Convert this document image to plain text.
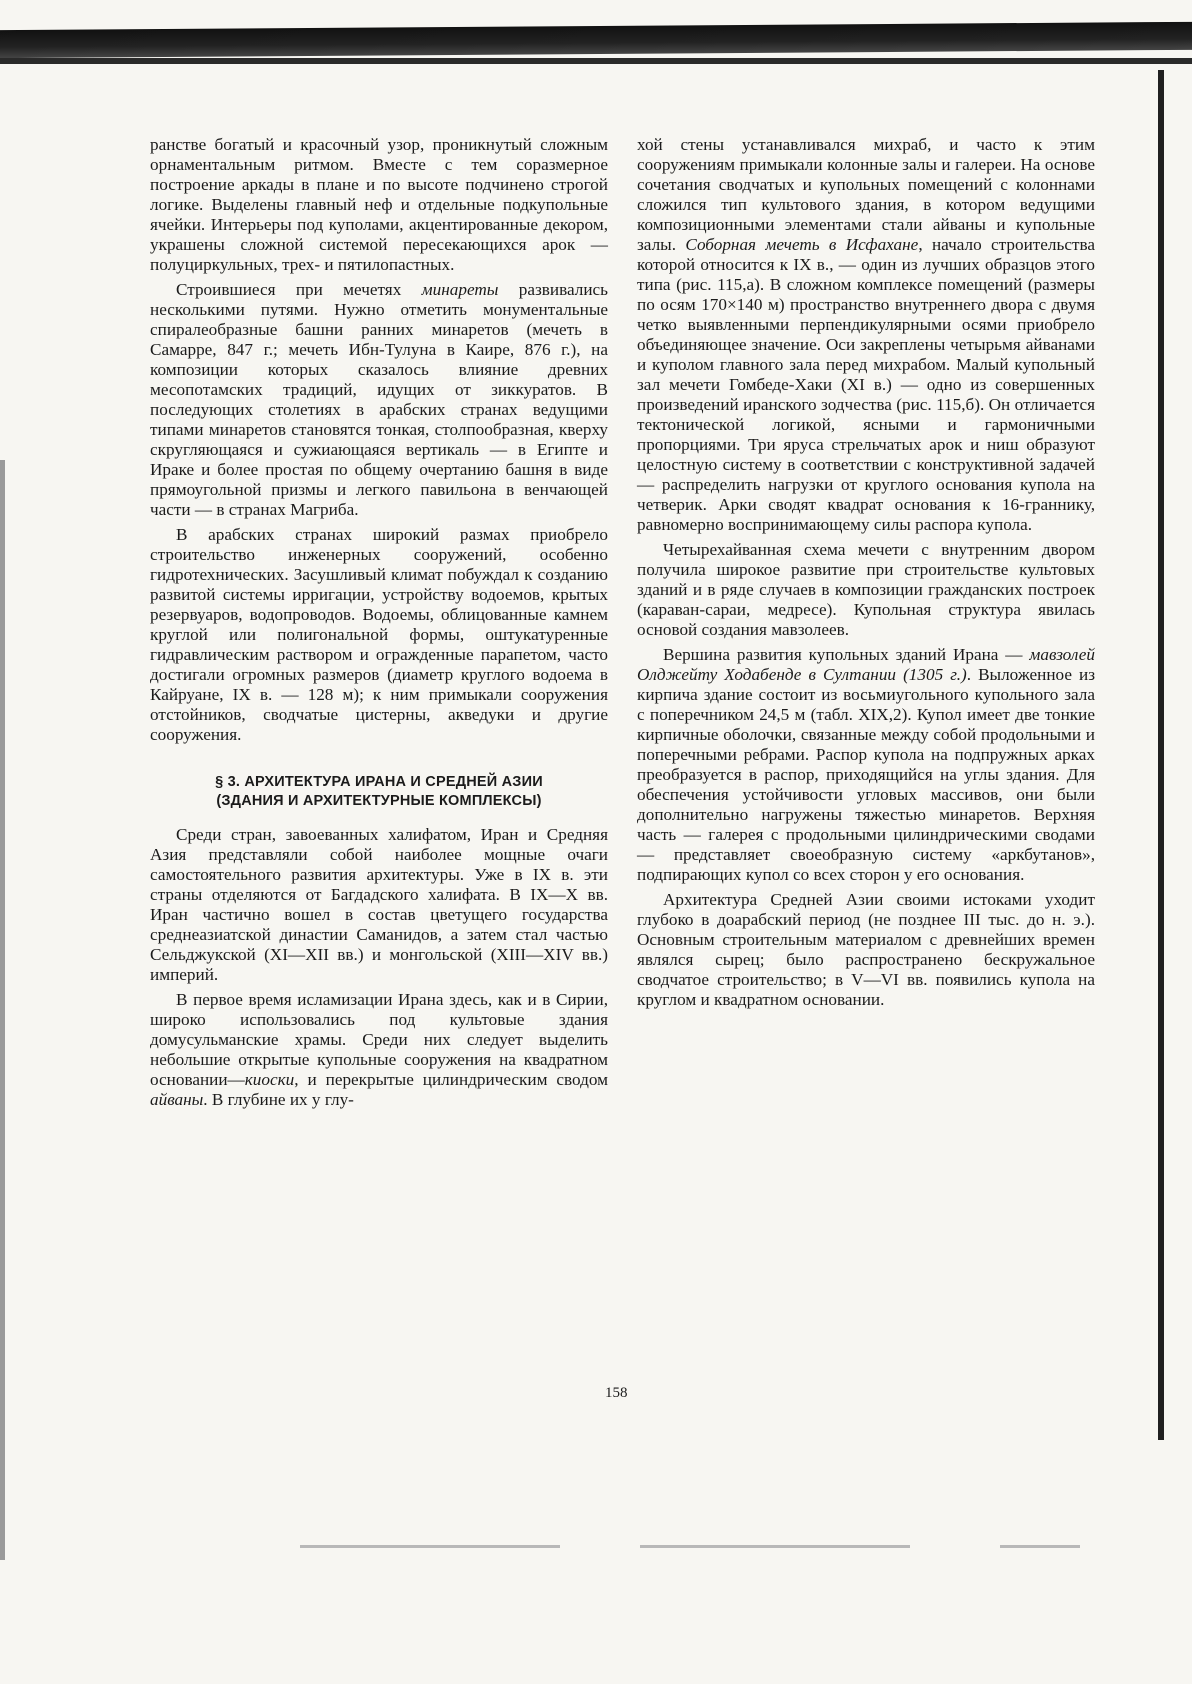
ранстве богатый и красочный узор, проникнутый сложным орнаментальным ритмом. Вместе с тем соразмерное построение аркады в плане и по высоте подчинено строгой логике. Выделены главный неф и отдельные подкупольные ячейки. Интерьеры под куполами, акцентированные декором, украшены сложной системой пересекающихся арок — полуциркульных, трех- и пятилопастных.

Строившиеся при мечетях минареты развивались несколькими путями. Нужно отметить монументальные спиралеобразные башни ранних минаретов (мечеть в Самарре, 847 г.; мечеть Ибн-Тулуна в Каире, 876 г.), на композиции которых сказалось влияние древних месопотамских традиций, идущих от зиккуратов. В последующих столетиях в арабских странах ведущими типами минаретов становятся тонкая, столпообразная, кверху скругляющаяся и сужиающаяся вертикаль — в Египте и Ираке и более простая по общему очертанию башня в виде прямоугольной призмы и легкого павильона в венчающей части — в странах Магриба.

В арабских странах широкий размах приобрело строительство инженерных сооружений, особенно гидротехнических. Засушливый климат побуждал к созданию развитой системы ирригации, устройству водоемов, крытых резервуаров, водопроводов. Водоемы, облицованные камнем круглой или полигональной формы, оштукатуренные гидравлическим раствором и огражденные парапетом, часто достигали огромных размеров (диаметр круглого водоема в Кайруане, IX в. — 128 м); к ним примыкали сооружения отстойников, сводчатые цистерны, акведуки и другие сооружения.

§ 3. АРХИТЕКТУРА ИРАНА И СРЕДНЕЙ АЗИИ
(ЗДАНИЯ И АРХИТЕКТУРНЫЕ КОМПЛЕКСЫ)

Среди стран, завоеванных халифатом, Иран и Средняя Азия представляли собой наиболее мощные очаги самостоятельного развития архитектуры. Уже в IX в. эти страны отделяются от Багдадского халифата. В IX—X вв. Иран частично вошел в состав цветущего государства среднеазиатской династии Саманидов, а затем стал частью Сельджукской (XI—XII вв.) и монгольской (XIII—XIV вв.) империй.

В первое время исламизации Ирана здесь, как и в Сирии, широко использовались под культовые здания домусульманские храмы. Среди них следует выделить небольшие открытые купольные сооружения на квадратном основании—киоски, и перекрытые цилиндрическим сводом айваны. В глубине их у глу-

хой стены устанавливался михраб, и часто к этим сооружениям примыкали колонные залы и галереи. На основе сочетания сводчатых и купольных помещений с колоннами сложился тип культового здания, в котором ведущими композиционными элементами стали айваны и купольные залы. Соборная мечеть в Исфахане, начало строительства которой относится к IX в., — один из лучших образцов этого типа (рис. 115,а). В сложном комплексе помещений (размеры по осям 170×140 м) пространство внутреннего двора с двумя четко выявленными перпендикулярными осями приобрело объединяющее значение. Оси закреплены четырьмя айванами и куполом главного зала перед михрабом. Малый купольный зал мечети Гомбеде-Хаки (XI в.) — одно из совершенных произведений иранского зодчества (рис. 115,б). Он отличается тектонической логикой, ясными и гармоничными пропорциями. Три яруса стрельчатых арок и ниш образуют целостную систему в соответствии с конструктивной задачей — распределить нагрузки от круглого основания купола на четверик. Арки сводят квадрат основания к 16-граннику, равномерно воспринимающему силы распора купола.

Четырехайванная схема мечети с внутренним двором получила широкое развитие при строительстве культовых зданий и в ряде случаев в композиции гражданских построек (караван-сараи, медресе). Купольная структура явилась основой создания мавзолеев.

Вершина развития купольных зданий Ирана — мавзолей Олджейту Ходабенде в Султании (1305 г.). Выложенное из кирпича здание состоит из восьмиугольного купольного зала с поперечником 24,5 м (табл. XIX,2). Купол имеет две тонкие кирпичные оболочки, связанные между собой продольными и поперечными ребрами. Распор купола на подпружных арках преобразуется в распор, приходящийся на углы здания. Для обеспечения устойчивости угловых массивов, они были дополнительно нагружены тяжестью минаретов. Верхняя часть — галерея с продольными цилиндрическими сводами — представляет своеобразную систему «аркбутанов», подпирающих купол со всех сторон у его основания.

Архитектура Средней Азии своими истоками уходит глубоко в доарабский период (не позднее III тыс. до н. э.). Основным строительным материалом с древнейших времен являлся сырец; было распространено бескружальное сводчатое строительство; в V—VI вв. появились купола на круглом и квадратном основании.

158
